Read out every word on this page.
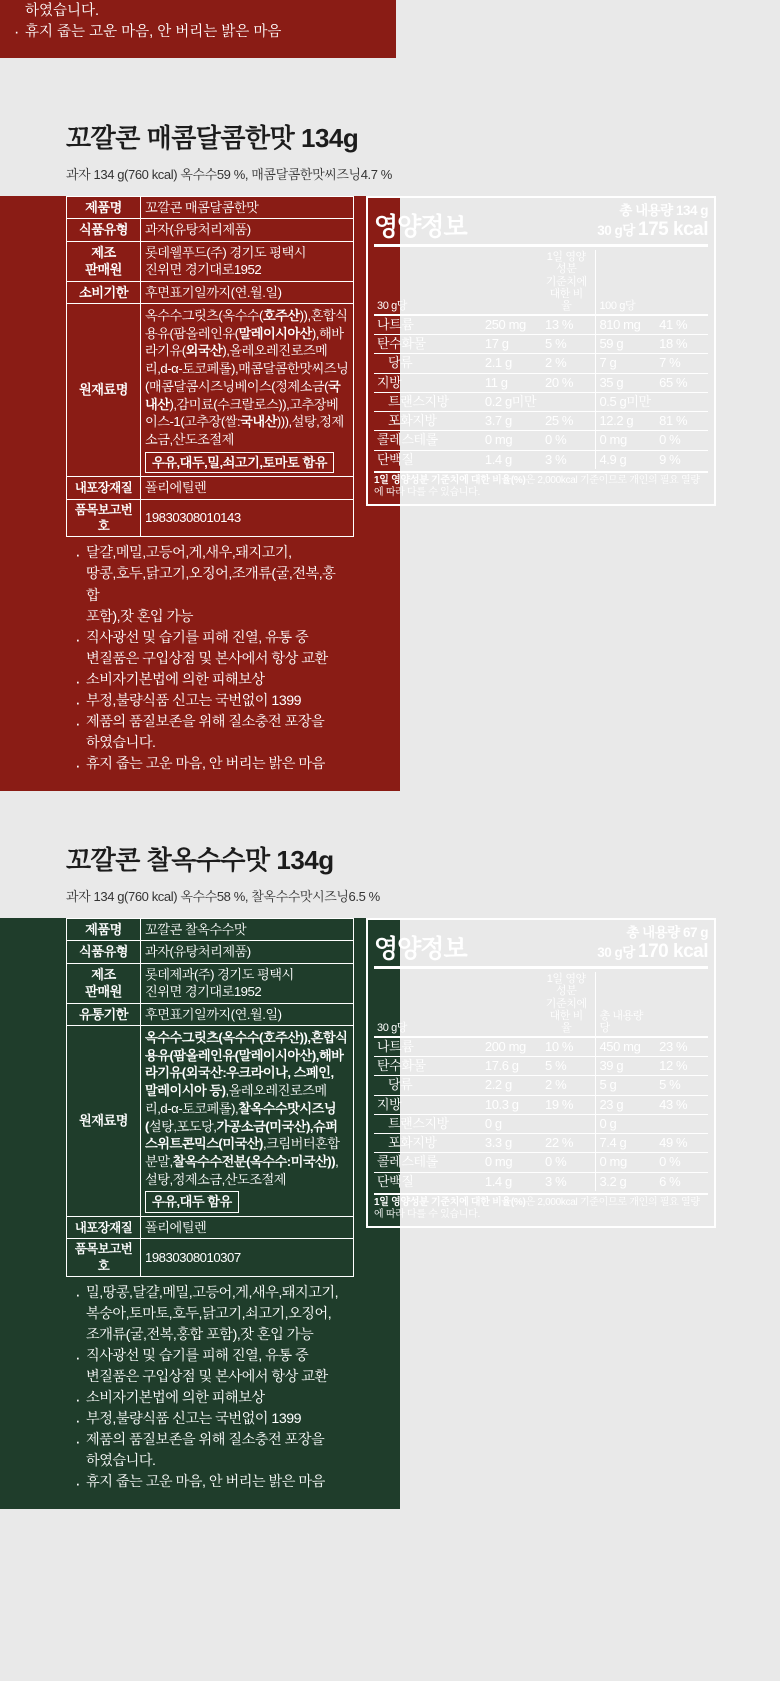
·
하였습니다.
· 휴지 줍는 고운 마음, 안 버리는 밝은 마음
꼬깔콘 매콤달콤한맛 134g
과자 134 g(760 kcal) 옥수수59 %, 매콤달콤한맛씨즈닝4.7 %
제품명	꼬깔콘 매콤달콤한맛
식품유형	과자(유탕처리제품)
제조
판매원	롯데웰푸드(주) 경기도 평택시
진위면 경기대로1952
소비기한	후면표기일까지(연.월.일)
원재료명	옥수수그릿츠(옥수수(호주산)),혼합식용유(팜올레인유(말레이시아산),해바라기유(외국산),올레오레진로즈메리,d-α-토코페롤),매콤달콤한맛씨즈닝(매콤달콤시즈닝베이스(정제소금(국내산),감미료(수크랄로스)),고추장베이스-1(고추장(쌀:국내산))),설탕,정제소금,산도조절제
우유,대두,밀,쇠고기,토마토 함유
내포장재질	폴리에틸렌
품목보고번호	19830308010143
· 달걀,메밀,고등어,게,새우,돼지고기,
땅콩,호두,닭고기,오징어,조개류(굴,전복,홍합
포함),잣 혼입 가능
· 직사광선 및 습기를 피해 진열, 유통 중
변질품은 구입상점 및 본사에서 항상 교환
· 소비자기본법에 의한 피해보상
· 부정,불량식품 신고는 국번없이 1399
· 제품의 품질보존을 위해 질소충전 포장을
하였습니다.
· 휴지 줍는 고운 마음, 안 버리는 밝은 마음
영양정보
총 내용량 134 g
30 g당 175 kcal
30 g당		1일 영양성분
기준치에 대한 비율	100 g당	
나트륨	250 mg	13 %	810 mg	41 %
탄수화물	17 g	5 %	59 g	18 %
당류	2.1 g	2 %	7 g	7 %
지방	11 g	20 %	35 g	65 %
트랜스지방	0.2 g미만		0.5 g미만	
포화지방	3.7 g	25 %	12.2 g	81 %
콜레스테롤	0 mg	0 %	0 mg	0 %
단백질	1.4 g	3 %	4.9 g	9 %
1일 영양성분 기준치에 대한 비율(%)은 2,000kcal 기준이므로 개인의 필요 열량에 따라 다를 수 있습니다.
꼬깔콘 찰옥수수맛 134g
과자 134 g(760 kcal) 옥수수58 %, 찰옥수수맛시즈닝6.5 %
제품명	꼬깔콘 찰옥수수맛
식품유형	과자(유탕처리제품)
제조
판매원	롯데제과(주) 경기도 평택시
진위면 경기대로1952
유통기한	후면표기일까지(연.월.일)
원재료명	옥수수그릿츠(옥수수(호주산)),혼합식용유(팜올레인유(말레이시아산),해바라기유(외국산:우크라이나, 스페인, 말레이시아 등),올레오레진로즈메리,d-α-토코페롤),찰옥수수맛시즈닝(설탕,포도당,가공소금(미국산),슈퍼스위트콘믹스(미국산),크림버터혼합분말,찰옥수수전분(옥수수:미국산)),설탕,정제소금,산도조절제
우유,대두 함유
내포장재질	폴리에틸렌
품목보고번호	19830308010307
· 밀,땅콩,달걀,메밀,고등어,게,새우,돼지고기,
복숭아,토마토,호두,닭고기,쇠고기,오징어,
조개류(굴,전복,홍합 포함),잣 혼입 가능
· 직사광선 및 습기를 피해 진열, 유통 중
변질품은 구입상점 및 본사에서 항상 교환
· 소비자기본법에 의한 피해보상
· 부정,불량식품 신고는 국번없이 1399
· 제품의 품질보존을 위해 질소충전 포장을
하였습니다.
· 휴지 줍는 고운 마음, 안 버리는 밝은 마음
영양정보
총 내용량 67 g
30 g당 170 kcal
30 g당		1일 영양성분
기준치에 대한 비율	총 내용량당	
나트륨	200 mg	10 %	450 mg	23 %
탄수화물	17.6 g	5 %	39 g	12 %
당류	2.2 g	2 %	5 g	5 %
지방	10.3 g	19 %	23 g	43 %
트랜스지방	0 g		0 g	
포화지방	3.3 g	22 %	7.4 g	49 %
콜레스테롤	0 mg	0 %	0 mg	0 %
단백질	1.4 g	3 %	3.2 g	6 %
1일 영양성분 기준치에 대한 비율(%)은 2,000kcal 기준이므로 개인의 필요 열량에 따라 다를 수 있습니다.
